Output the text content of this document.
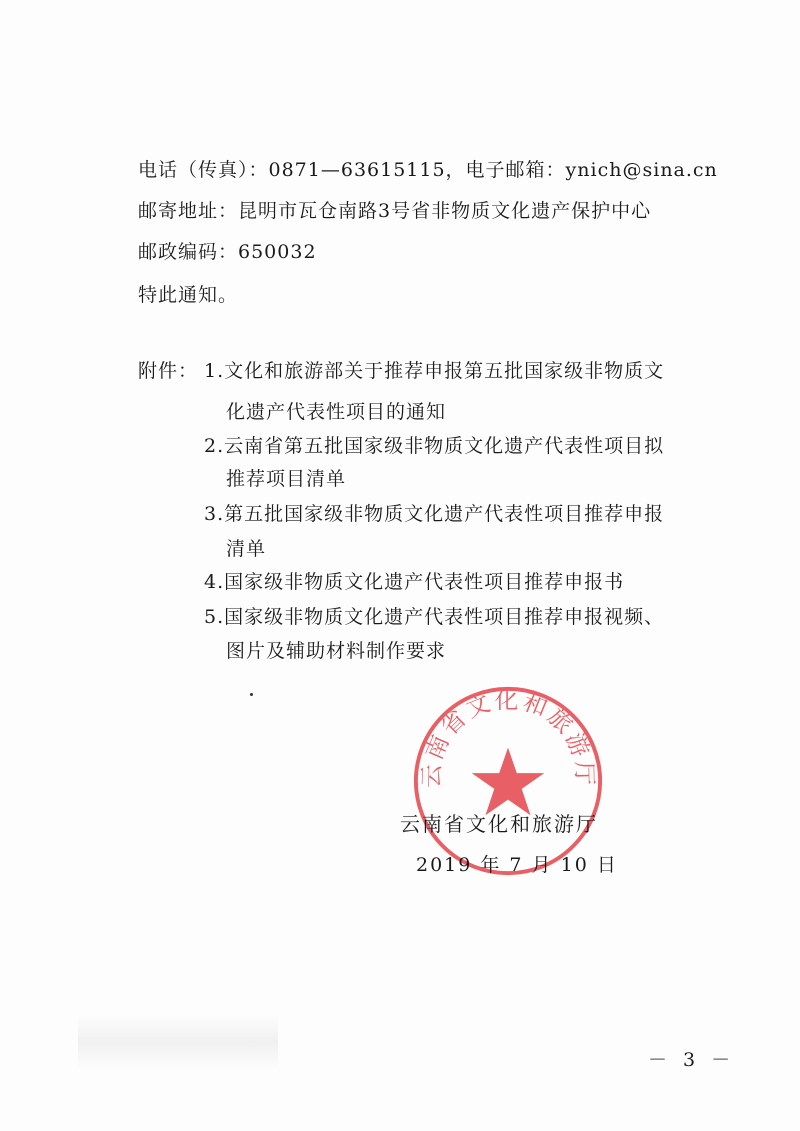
电话（传真）：0871—63615115，电子邮箱：ynich@sina.cn
邮寄地址：昆明市瓦仓南路3号省非物质文化遗产保护中心
邮政编码：650032
特此通知。
附件： 1.文化和旅游部关于推荐申报第五批国家级非物质文
化遗产代表性项目的通知
2.云南省第五批国家级非物质文化遗产代表性项目拟
推荐项目清单
3.第五批国家级非物质文化遗产代表性项目推荐申报
清单
4.国家级非物质文化遗产代表性项目推荐申报书
5.国家级非物质文化遗产代表性项目推荐申报视频、
图片及辅助材料制作要求
云南省文化和旅游厅
云南省文化和旅游厅
2019 年 7 月 10 日
－ 3 －
